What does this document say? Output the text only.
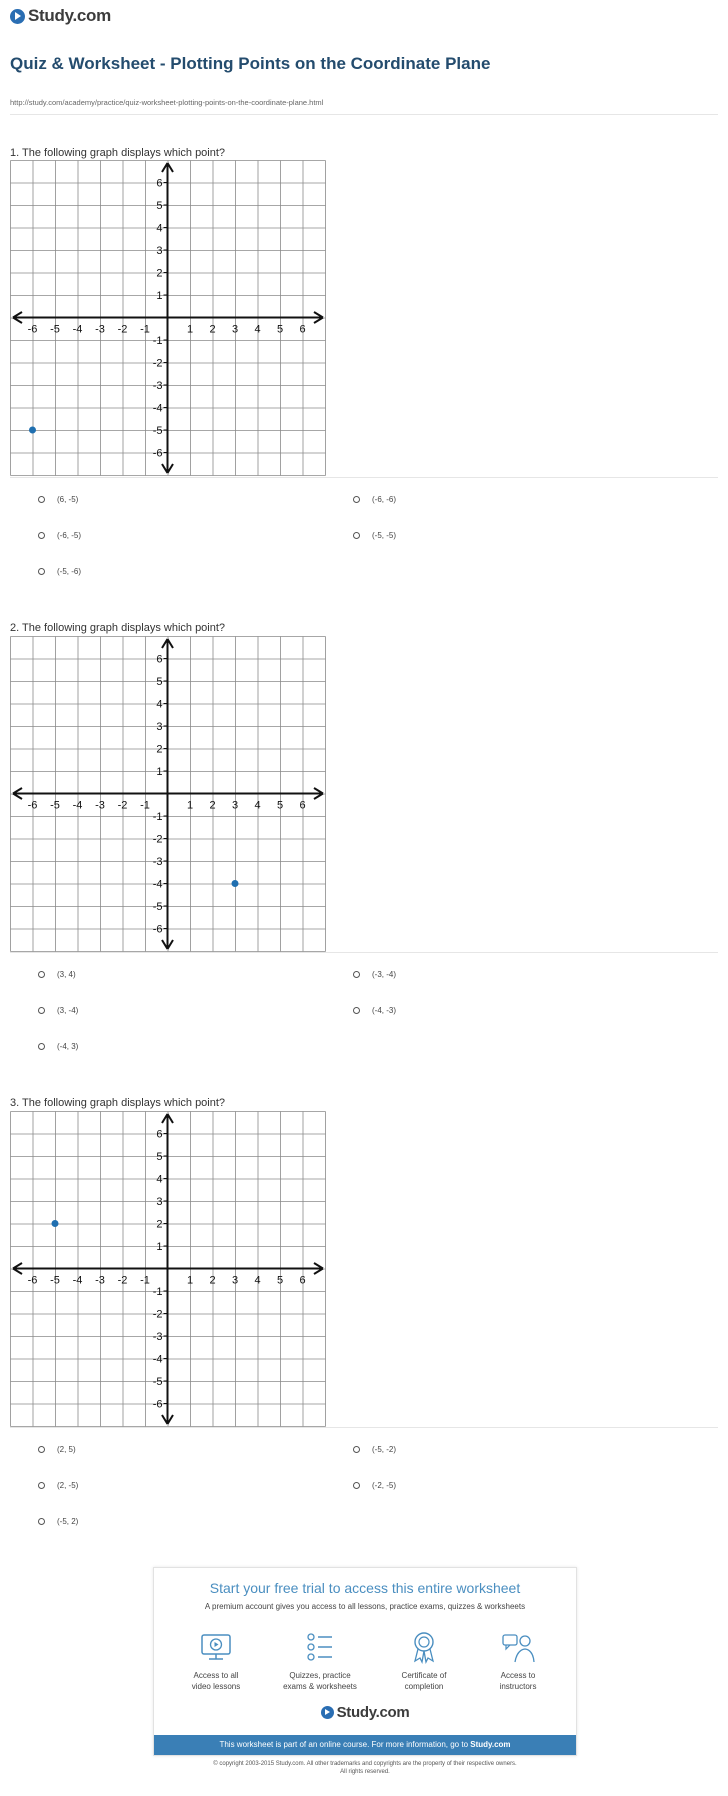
Study.com
Quiz & Worksheet - Plotting Points on the Coordinate Plane
http://study.com/academy/practice/quiz-worksheet-plotting-points-on-the-coordinate-plane.html
1. The following graph displays which point?
-6 -5 -4 -3 -2 -1	1 2 3 4 5 6
6
5
4
3
2
1
-1
-2
-3
-4
-5
-6
(6, -5)	(-6, -6)
(-6, -5)	(-5, -5)
(-5, -6)
2. The following graph displays which point?
-6 -5 -4 -3 -2 -1	1 2 3 4 5 6
6
5
4
3
2
1
-1
-2
-3
-4
-5
-6
(3, 4)	(-3, -4)
(3, -4)	(-4, -3)
(-4, 3)
3. The following graph displays which point?
-6 -5 -4 -3 -2 -1	1 2 3 4 5 6
6
5
4
3
2
1
-1
-2
-3
-4
-5
-6
(2, 5)	(-5, -2)
(2, -5)	(-2, -5)
(-5, 2)
Start your free trial to access this entire worksheet
A premium account gives you access to all lessons, practice exams, quizzes & worksheets
Access to all
video lessons
Quizzes, practice
exams & worksheets
Certificate of
completion
Access to
instructors
Study.com
This worksheet is part of an online course. For more information, go to Study.com
© copyright 2003-2015 Study.com. All other trademarks and copyrights are the property of their respective owners.
All rights reserved.
